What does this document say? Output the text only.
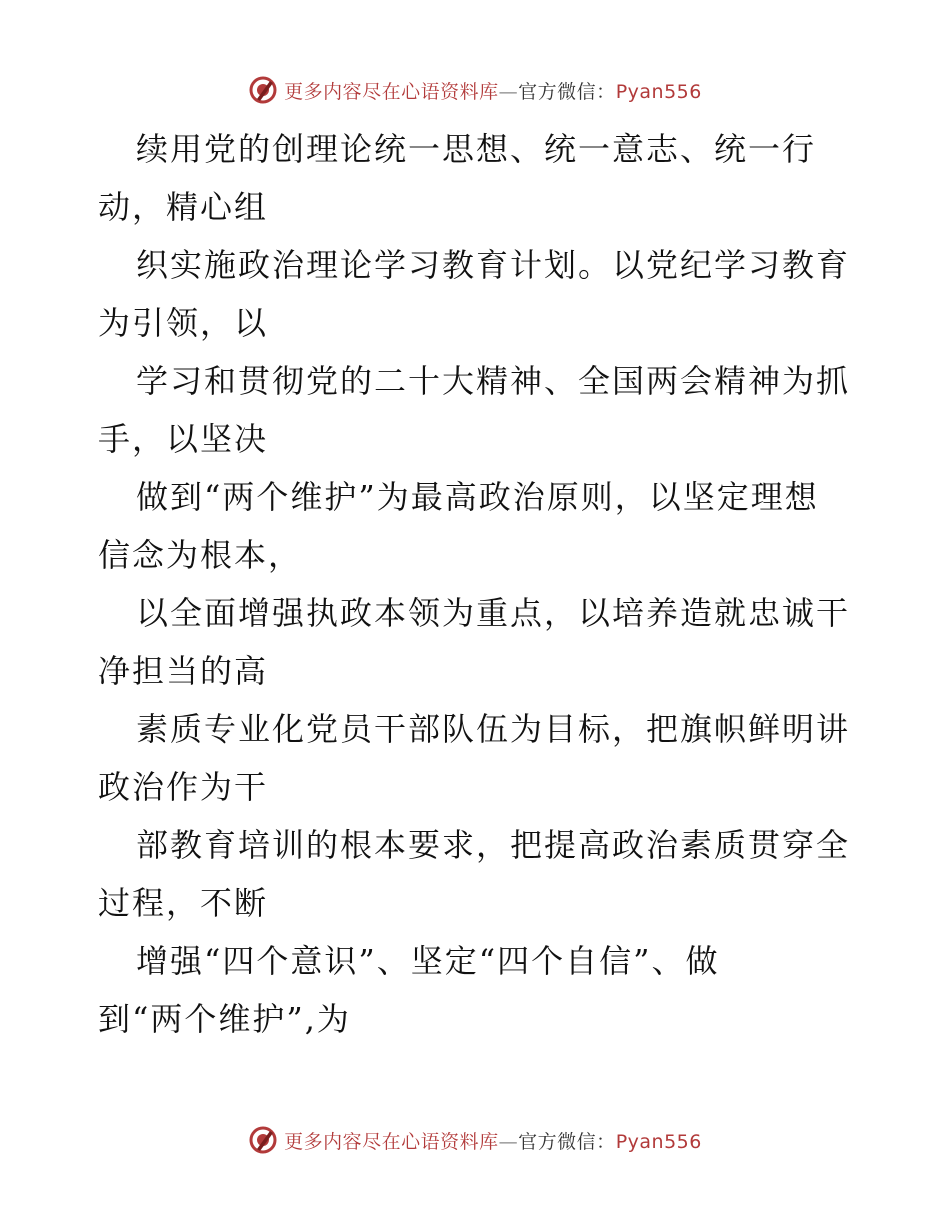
更多内容尽在心语资料库—官方微信：Pyan556
续用党的创理论统一思想、统一意志、统一行
动，精心组
织实施政治理论学习教育计划。以党纪学习教育
为引领，以
学习和贯彻党的二十大精神、全国两会精神为抓
手，以坚决
做到“两个维护”为最高政治原则，以坚定理想
信念为根本，
以全面增强执政本领为重点，以培养造就忠诚干
净担当的高
素质专业化党员干部队伍为目标，把旗帜鲜明讲
政治作为干
部教育培训的根本要求，把提高政治素质贯穿全
过程，不断
增强“四个意识”、坚定“四个自信”、做
到“两个维护”,为
更多内容尽在心语资料库—官方微信：Pyan556
